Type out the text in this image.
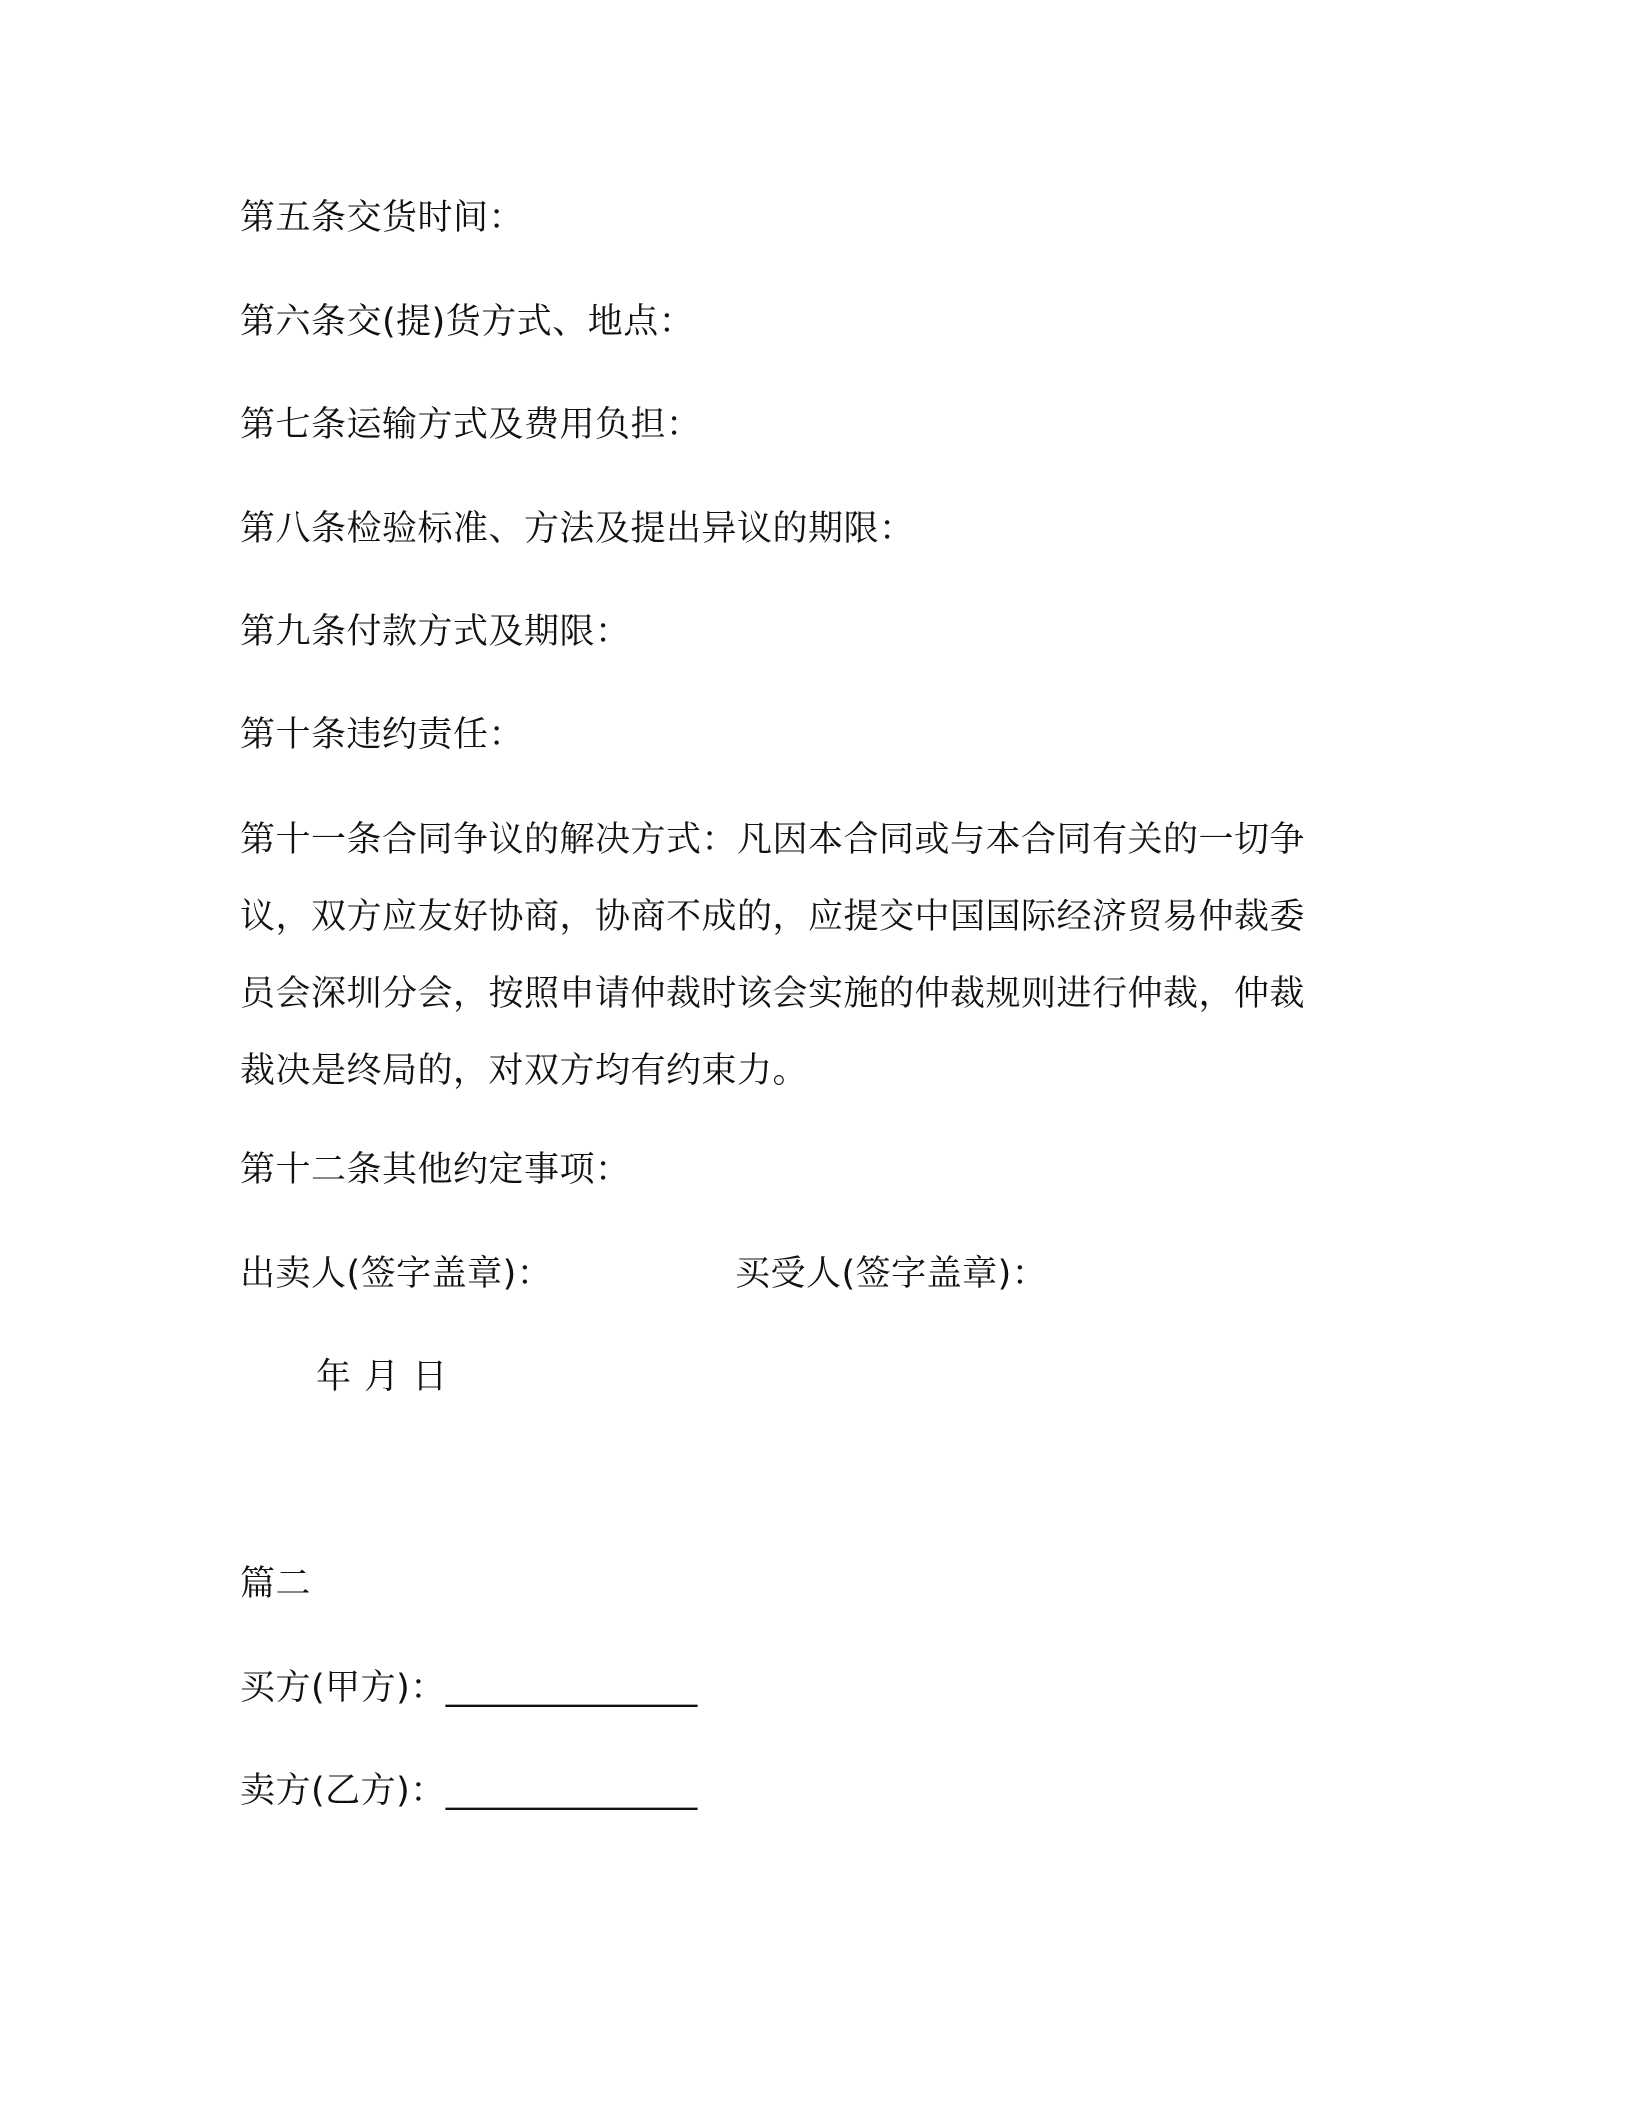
第五条交货时间：
第六条交(提)货方式、地点：
第七条运输方式及费用负担：
第八条检验标准、方法及提出异议的期限：
第九条付款方式及期限：
第十条违约责任：
第十一条合同争议的解决方式：凡因本合同或与本合同有关的一切争
议，双方应友好协商，协商不成的，应提交中国国际经济贸易仲裁委
员会深圳分会，按照申请仲裁时该会实施的仲裁规则进行仲裁，仲裁
裁决是终局的，对双方均有约束力。
第十二条其他约定事项：
出卖人(签字盖章)：	买受人(签字盖章)：
年 月 日
篇二
买方(甲方)：______________
卖方(乙方)：______________
